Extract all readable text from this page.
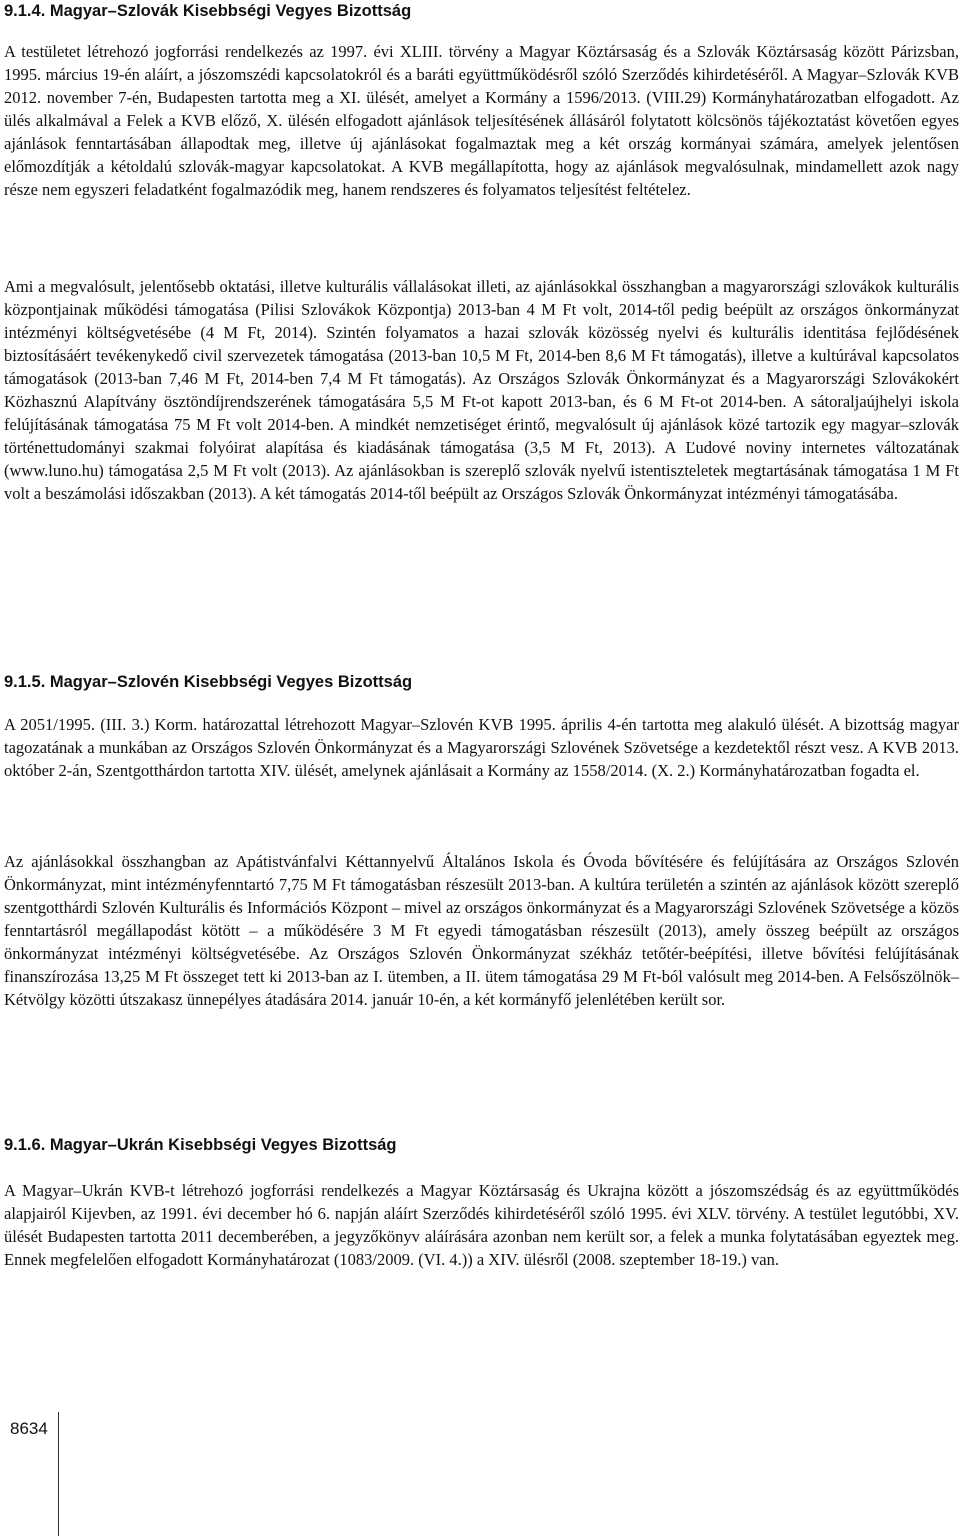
9.1.4. Magyar–Szlovák Kisebbségi Vegyes Bizottság

A testületet létrehozó jogforrási rendelkezés az 1997. évi XLIII. törvény a Magyar Köztársaság és a Szlovák Köztársaság között Párizsban, 1995. március 19-én aláírt, a jószomszédi kapcsolatokról és a baráti együttműködésről szóló Szerződés kihirdetéséről. A Magyar–Szlovák KVB 2012. november 7-én, Budapesten tartotta meg a XI. ülését, amelyet a Kormány a 1596/2013. (VIII.29) Kormányhatározatban elfogadott. Az ülés alkalmával a Felek a KVB előző, X. ülésén elfogadott ajánlások teljesítésének állásáról folytatott kölcsönös tájékoztatást követően egyes ajánlások fenntartásában állapodtak meg, illetve új ajánlásokat fogalmaztak meg a két ország kormányai számára, amelyek jelentősen előmozdítják a kétoldalú szlovák-magyar kapcsolatokat. A KVB megállapította, hogy az ajánlások megvalósulnak, mindamellett azok nagy része nem egyszeri feladatként fogalmazódik meg, hanem rendszeres és folyamatos teljesítést feltételez.

Ami a megvalósult, jelentősebb oktatási, illetve kulturális vállalásokat illeti, az ajánlásokkal összhangban a magyarországi szlovákok kulturális központjainak működési támogatása (Pilisi Szlovákok Központja) 2013-ban 4 M Ft volt, 2014-től pedig beépült az országos önkormányzat intézményi költségvetésébe (4 M Ft, 2014). Szintén folyamatos a hazai szlovák közösség nyelvi és kulturális identitása fejlődésének biztosításáért tevékenykedő civil szervezetek támogatása (2013-ban 10,5 M Ft, 2014-ben 8,6 M Ft támogatás), illetve a kultúrával kapcsolatos támogatások (2013-ban 7,46 M Ft, 2014-ben 7,4 M Ft támogatás). Az Országos Szlovák Önkormányzat és a Magyarországi Szlovákokért Közhasznú Alapítvány ösztöndíjrendszerének támogatására 5,5 M Ft-ot kapott 2013-ban, és 6 M Ft-ot 2014-ben. A sátoraljaújhelyi iskola felújításának támogatása 75 M Ft volt 2014-ben. A mindkét nemzetiséget érintő, megvalósult új ajánlások közé tartozik egy magyar–szlovák történettudományi szakmai folyóirat alapítása és kiadásának támogatása (3,5 M Ft, 2013). A Ľudové noviny internetes változatának (www.luno.hu) támogatása 2,5 M Ft volt (2013). Az ajánlásokban is szereplő szlovák nyelvű istentiszteletek megtartásának támogatása 1 M Ft volt a beszámolási időszakban (2013). A két támogatás 2014-től beépült az Országos Szlovák Önkormányzat intézményi támogatásába.

9.1.5. Magyar–Szlovén Kisebbségi Vegyes Bizottság

A 2051/1995. (III. 3.) Korm. határozattal létrehozott Magyar–Szlovén KVB 1995. április 4-én tartotta meg alakuló ülését. A bizottság magyar tagozatának a munkában az Országos Szlovén Önkormányzat és a Magyarországi Szlovének Szövetsége a kezdetektől részt vesz. A KVB 2013. október 2-án, Szentgotthárdon tartotta XIV. ülését, amelynek ajánlásait a Kormány az 1558/2014. (X. 2.) Kormányhatározatban fogadta el.

Az ajánlásokkal összhangban az Apátistvánfalvi Kéttannyelvű Általános Iskola és Óvoda bővítésére és felújítására az Országos Szlovén Önkormányzat, mint intézményfenntartó 7,75 M Ft támogatásban részesült 2013-ban. A kultúra területén a szintén az ajánlások között szereplő szentgotthárdi Szlovén Kulturális és Információs Központ – mivel az országos önkormányzat és a Magyarországi Szlovének Szövetsége a közös fenntartásról megállapodást kötött – a működésére 3 M Ft egyedi támogatásban részesült (2013), amely összeg beépült az országos önkormányzat intézményi költségvetésébe. Az Országos Szlovén Önkormányzat székház tetőtér-beépítési, illetve bővítési felújításának finanszírozása 13,25 M Ft összeget tett ki 2013-ban az I. ütemben, a II. ütem támogatása 29 M Ft-ból valósult meg 2014-ben. A Felsőszölnök–Kétvölgy közötti útszakasz ünnepélyes átadására 2014. január 10-én, a két kormányfő jelenlétében került sor.

9.1.6. Magyar–Ukrán Kisebbségi Vegyes Bizottság

A Magyar–Ukrán KVB-t létrehozó jogforrási rendelkezés a Magyar Köztársaság és Ukrajna között a jószomszédság és az együttműködés alapjairól Kijevben, az 1991. évi december hó 6. napján aláírt Szerződés kihirdetéséről szóló 1995. évi XLV. törvény. A testület legutóbbi, XV. ülését Budapesten tartotta 2011 decemberében, a jegyzőkönyv aláírására azonban nem került sor, a felek a munka folytatásában egyeztek meg. Ennek megfelelően elfogadott Kormányhatározat (1083/2009. (VI. 4.)) a XIV. ülésről (2008. szeptember 18-19.) van.

8634
